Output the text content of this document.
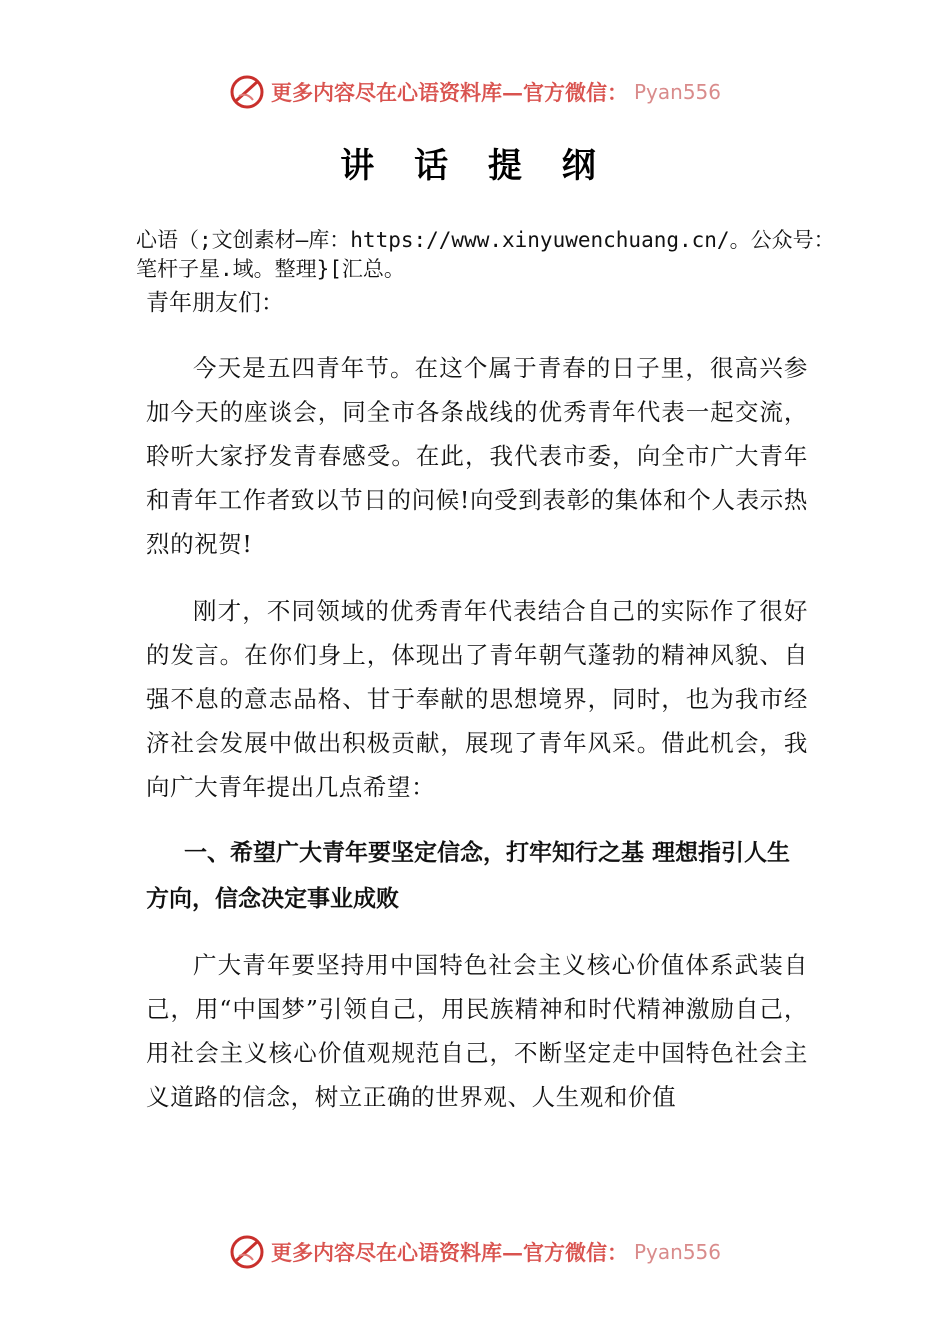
更多内容尽在心语资料库—官方微信： Pyan556
讲 话 提 纲
心语（;文创素材—库：https://www.xinyuwenchuang.cn/。公众号：笔杆子星.域。整理}[汇总。
青年朋友们：

今天是五四青年节。在这个属于青春的日子里，很高兴参加今天的座谈会，同全市各条战线的优秀青年代表一起交流，聆听大家抒发青春感受。在此，我代表市委，向全市广大青年和青年工作者致以节日的问候!向受到表彰的集体和个人表示热烈的祝贺!

刚才，不同领域的优秀青年代表结合自己的实际作了很好的发言。在你们身上，体现出了青年朝气蓬勃的精神风貌、自强不息的意志品格、甘于奉献的思想境界，同时，也为我市经济社会发展中做出积极贡献，展现了青年风采。借此机会，我向广大青年提出几点希望：

一、希望广大青年要坚定信念，打牢知行之基 理想指引人生方向，信念决定事业成败

广大青年要坚持用中国特色社会主义核心价值体系武装自己，用“中国梦”引领自己，用民族精神和时代精神激励自己，用社会主义核心价值观规范自己，不断坚定走中国特色社会主义道路的信念，树立正确的世界观、人生观和价值

更多内容尽在心语资料库—官方微信： Pyan556
